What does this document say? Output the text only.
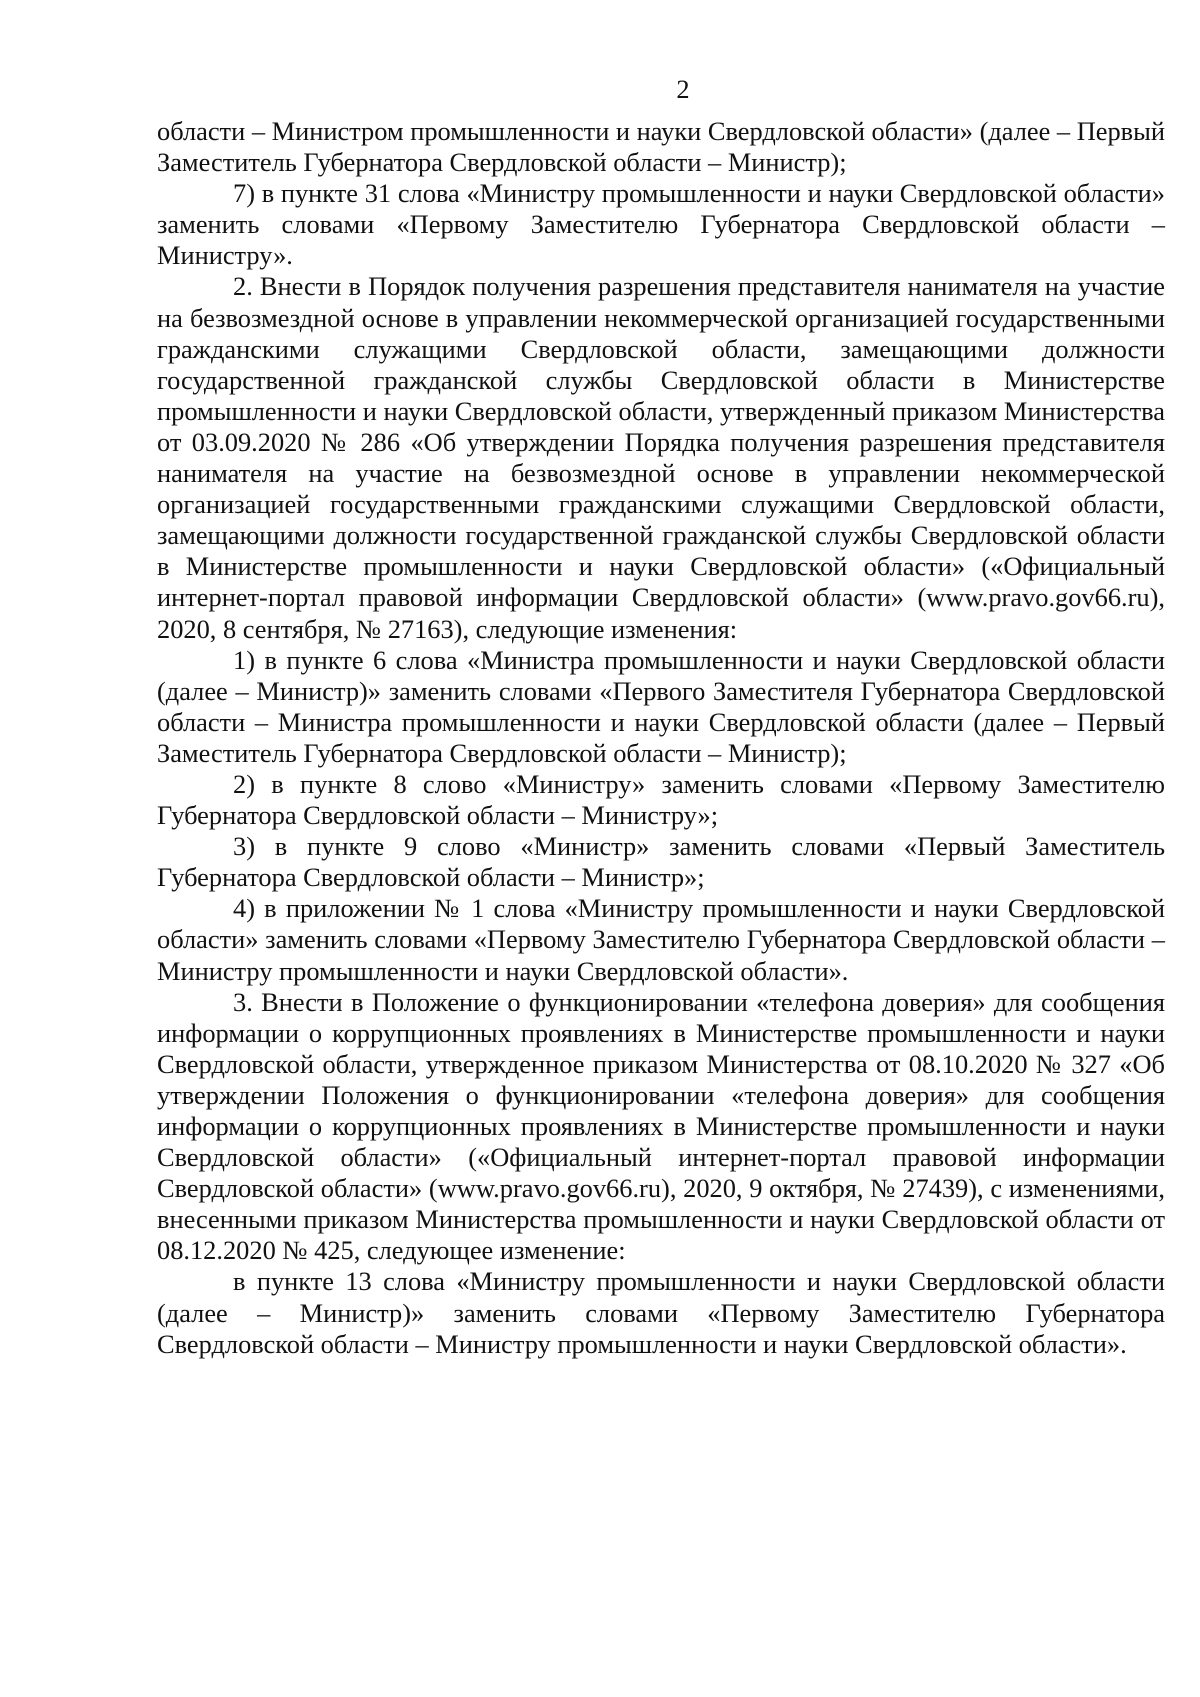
2

области – Министром промышленности и науки Свердловской области» (далее – Первый Заместитель Губернатора Свердловской области – Министр);

7) в пункте 31 слова «Министру промышленности и науки Свердловской области» заменить словами «Первому Заместителю Губернатора Свердловской области – Министру».

2. Внести в Порядок получения разрешения представителя нанимателя на участие на безвозмездной основе в управлении некоммерческой организацией государственными гражданскими служащими Свердловской области, замещающими должности государственной гражданской службы Свердловской области в Министерстве промышленности и науки Свердловской области, утвержденный приказом Министерства от 03.09.2020 № 286 «Об утверждении Порядка получения разрешения представителя нанимателя на участие на безвозмездной основе в управлении некоммерческой организацией государственными гражданскими служащими Свердловской области, замещающими должности государственной гражданской службы Свердловской области в Министерстве промышленности и науки Свердловской области» («Официальный интернет-портал правовой информации Свердловской области» (www.pravo.gov66.ru), 2020, 8 сентября, № 27163), следующие изменения:

1) в пункте 6 слова «Министра промышленности и науки Свердловской области (далее – Министр)» заменить словами «Первого Заместителя Губернатора Свердловской области – Министра промышленности и науки Свердловской области (далее – Первый Заместитель Губернатора Свердловской области – Министр);

2) в пункте 8 слово «Министру» заменить словами «Первому Заместителю Губернатора Свердловской области – Министру»;

3) в пункте 9 слово «Министр» заменить словами «Первый Заместитель Губернатора Свердловской области – Министр»;

4) в приложении № 1 слова «Министру промышленности и науки Свердловской области» заменить словами «Первому Заместителю Губернатора Свердловской области – Министру промышленности и науки Свердловской области».

3. Внести в Положение о функционировании «телефона доверия» для сообщения информации о коррупционных проявлениях в Министерстве промышленности и науки Свердловской области, утвержденное приказом Министерства от 08.10.2020 № 327 «Об утверждении Положения о функционировании «телефона доверия» для сообщения информации о коррупционных проявлениях в Министерстве промышленности и науки Свердловской области» («Официальный интернет-портал правовой информации Свердловской области» (www.pravo.gov66.ru), 2020, 9 октября, № 27439), с изменениями, внесенными приказом Министерства промышленности и науки Свердловской области от 08.12.2020 № 425, следующее изменение:

в пункте 13 слова «Министру промышленности и науки Свердловской области (далее – Министр)» заменить словами «Первому Заместителю Губернатора Свердловской области – Министру промышленности и науки Свердловской области».
